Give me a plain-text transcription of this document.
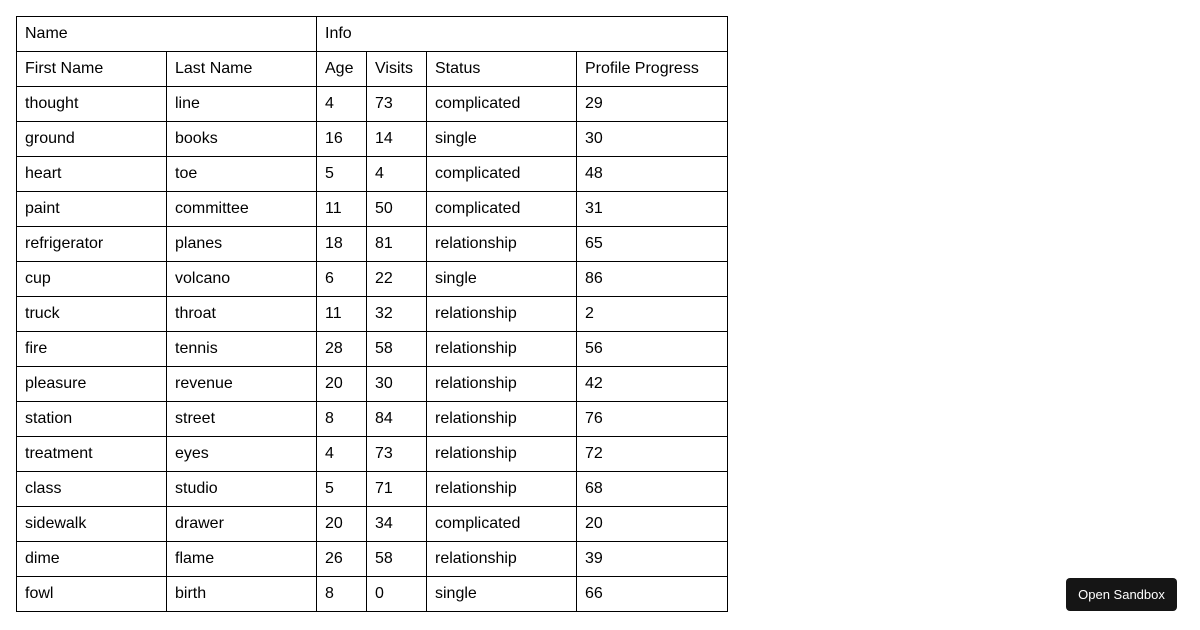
Name		Info			
First Name	Last Name	Age	Visits	Status	Profile Progress
thought	line	4	73	complicated	29
ground	books	16	14	single	30
heart	toe	5	4	complicated	48
paint	committee	11	50	complicated	31
refrigerator	planes	18	81	relationship	65
cup	volcano	6	22	single	86
truck	throat	11	32	relationship	2
fire	tennis	28	58	relationship	56
pleasure	revenue	20	30	relationship	42
station	street	8	84	relationship	76
treatment	eyes	4	73	relationship	72
class	studio	5	71	relationship	68
sidewalk	drawer	20	34	complicated	20
dime	flame	26	58	relationship	39
fowl	birth	8	0	single	66	Open Sandbox
